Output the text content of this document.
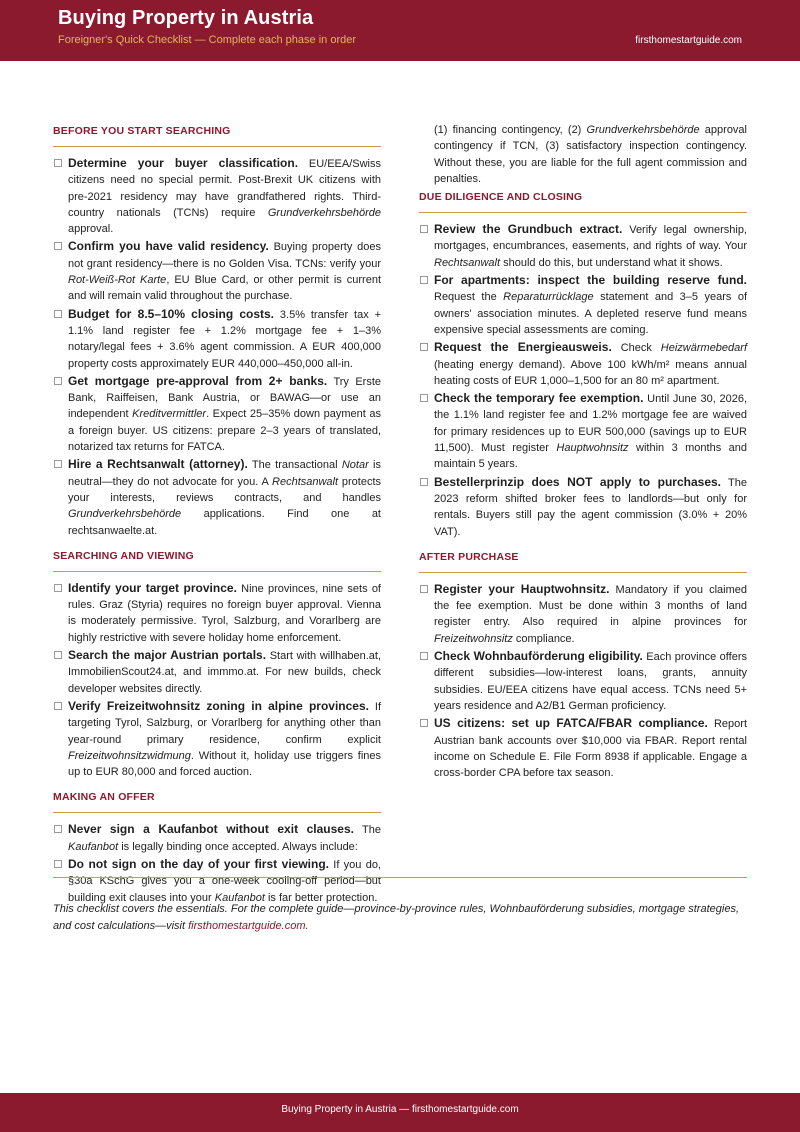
Buying Property in Austria
Foreigner's Quick Checklist — Complete each phase in order	firsthomestartguide.com
BEFORE YOU START SEARCHING
Determine your buyer classification. EU/EEA/Swiss citizens need no special permit. Post-Brexit UK citizens with pre-2021 residency may have grandfathered rights. Third-country nationals (TCNs) require Grundverkehrsbehörde approval.
Confirm you have valid residency. Buying property does not grant residency—there is no Golden Visa. TCNs: verify your Rot-Weiß-Rot Karte, EU Blue Card, or other permit is current and will remain valid throughout the purchase.
Budget for 8.5–10% closing costs. 3.5% transfer tax + 1.1% land register fee + 1.2% mortgage fee + 1–3% notary/legal fees + 3.6% agent commission. A EUR 400,000 property costs approximately EUR 440,000–450,000 all-in.
Get mortgage pre-approval from 2+ banks. Try Erste Bank, Raiffeisen, Bank Austria, or BAWAG—or use an independent Kreditvermittler. Expect 25–35% down payment as a foreign buyer. US citizens: prepare 2–3 years of translated, notarized tax returns for FATCA.
Hire a Rechtsanwalt (attorney). The transactional Notar is neutral—they do not advocate for you. A Rechtsanwalt protects your interests, reviews contracts, and handles Grundverkehrsbehörde applications. Find one at rechtsanwaelte.at.
SEARCHING AND VIEWING
Identify your target province. Nine provinces, nine sets of rules. Graz (Styria) requires no foreign buyer approval. Vienna is moderately permissive. Tyrol, Salzburg, and Vorarlberg are highly restrictive with severe holiday home enforcement.
Search the major Austrian portals. Start with willhaben.at, ImmobilienScout24.at, and immmo.at. For new builds, check developer websites directly.
Verify Freizeitwohnsitz zoning in alpine provinces. If targeting Tyrol, Salzburg, or Vorarlberg for anything other than year-round primary residence, confirm explicit Freizeitwohnsitzwidmung. Without it, holiday use triggers fines up to EUR 80,000 and forced auction.
MAKING AN OFFER
Never sign a Kaufanbot without exit clauses. The Kaufanbot is legally binding once accepted. Always include:
Do not sign on the day of your first viewing. If you do, §30a KSchG gives you a one-week cooling-off period—but building exit clauses into your Kaufanbot is far better protection.
(1) financing contingency, (2) Grundverkehrsbehörde approval contingency if TCN, (3) satisfactory inspection contingency. Without these, you are liable for the full agent commission and penalties.
DUE DILIGENCE AND CLOSING
Review the Grundbuch extract. Verify legal ownership, mortgages, encumbrances, easements, and rights of way. Your Rechtsanwalt should do this, but understand what it shows.
For apartments: inspect the building reserve fund. Request the Reparaturrücklage statement and 3–5 years of owners' association minutes. A depleted reserve fund means expensive special assessments are coming.
Request the Energieausweis. Check Heizwärmebedarf (heating energy demand). Above 100 kWh/m² means annual heating costs of EUR 1,000–1,500 for an 80 m² apartment.
Check the temporary fee exemption. Until June 30, 2026, the 1.1% land register fee and 1.2% mortgage fee are waived for primary residences up to EUR 500,000 (savings up to EUR 11,500). Must register Hauptwohnsitz within 3 months and maintain 5 years.
Bestellerprinzip does NOT apply to purchases. The 2023 reform shifted broker fees to landlords—but only for rentals. Buyers still pay the agent commission (3.0% + 20% VAT).
AFTER PURCHASE
Register your Hauptwohnsitz. Mandatory if you claimed the fee exemption. Must be done within 3 months of land register entry. Also required in alpine provinces for Freizeitwohnsitz compliance.
Check Wohnbauförderung eligibility. Each province offers different subsidies—low-interest loans, grants, annuity subsidies. EU/EEA citizens have equal access. TCNs need 5+ years residence and A2/B1 German proficiency.
US citizens: set up FATCA/FBAR compliance. Report Austrian bank accounts over $10,000 via FBAR. Report rental income on Schedule E. File Form 8938 if applicable. Engage a cross-border CPA before tax season.
This checklist covers the essentials. For the complete guide—province-by-province rules, Wohnbauförderung subsidies, mortgage strategies, and cost calculations—visit firsthomestartguide.com.
Buying Property in Austria — firsthomestartguide.com
